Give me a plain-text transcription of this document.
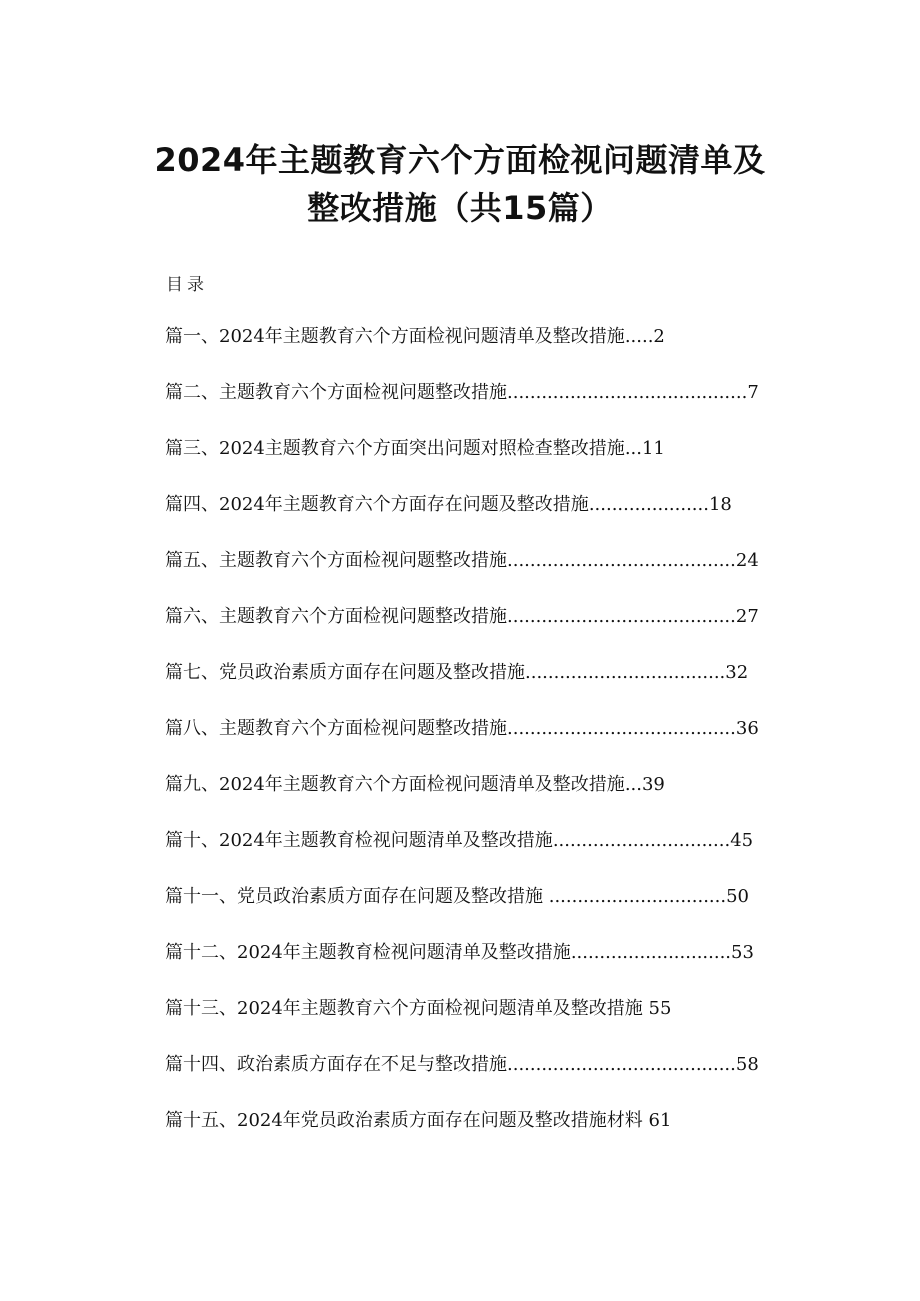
2024年主题教育六个方面检视问题清单及
整改措施（共15篇）
目录
篇一、2024年主题教育六个方面检视问题清单及整改措施.....2
篇二、主题教育六个方面检视问题整改措施..........................................7
篇三、2024主题教育六个方面突出问题对照检查整改措施...11
篇四、2024年主题教育六个方面存在问题及整改措施.....................18
篇五、主题教育六个方面检视问题整改措施........................................24
篇六、主题教育六个方面检视问题整改措施........................................27
篇七、党员政治素质方面存在问题及整改措施...................................32
篇八、主题教育六个方面检视问题整改措施........................................36
篇九、2024年主题教育六个方面检视问题清单及整改措施...39
篇十、2024年主题教育检视问题清单及整改措施...............................45
篇十一、党员政治素质方面存在问题及整改措施 ...............................50
篇十二、2024年主题教育检视问题清单及整改措施............................53
篇十三、2024年主题教育六个方面检视问题清单及整改措施 55
篇十四、政治素质方面存在不足与整改措施........................................58
篇十五、2024年党员政治素质方面存在问题及整改措施材料 61
